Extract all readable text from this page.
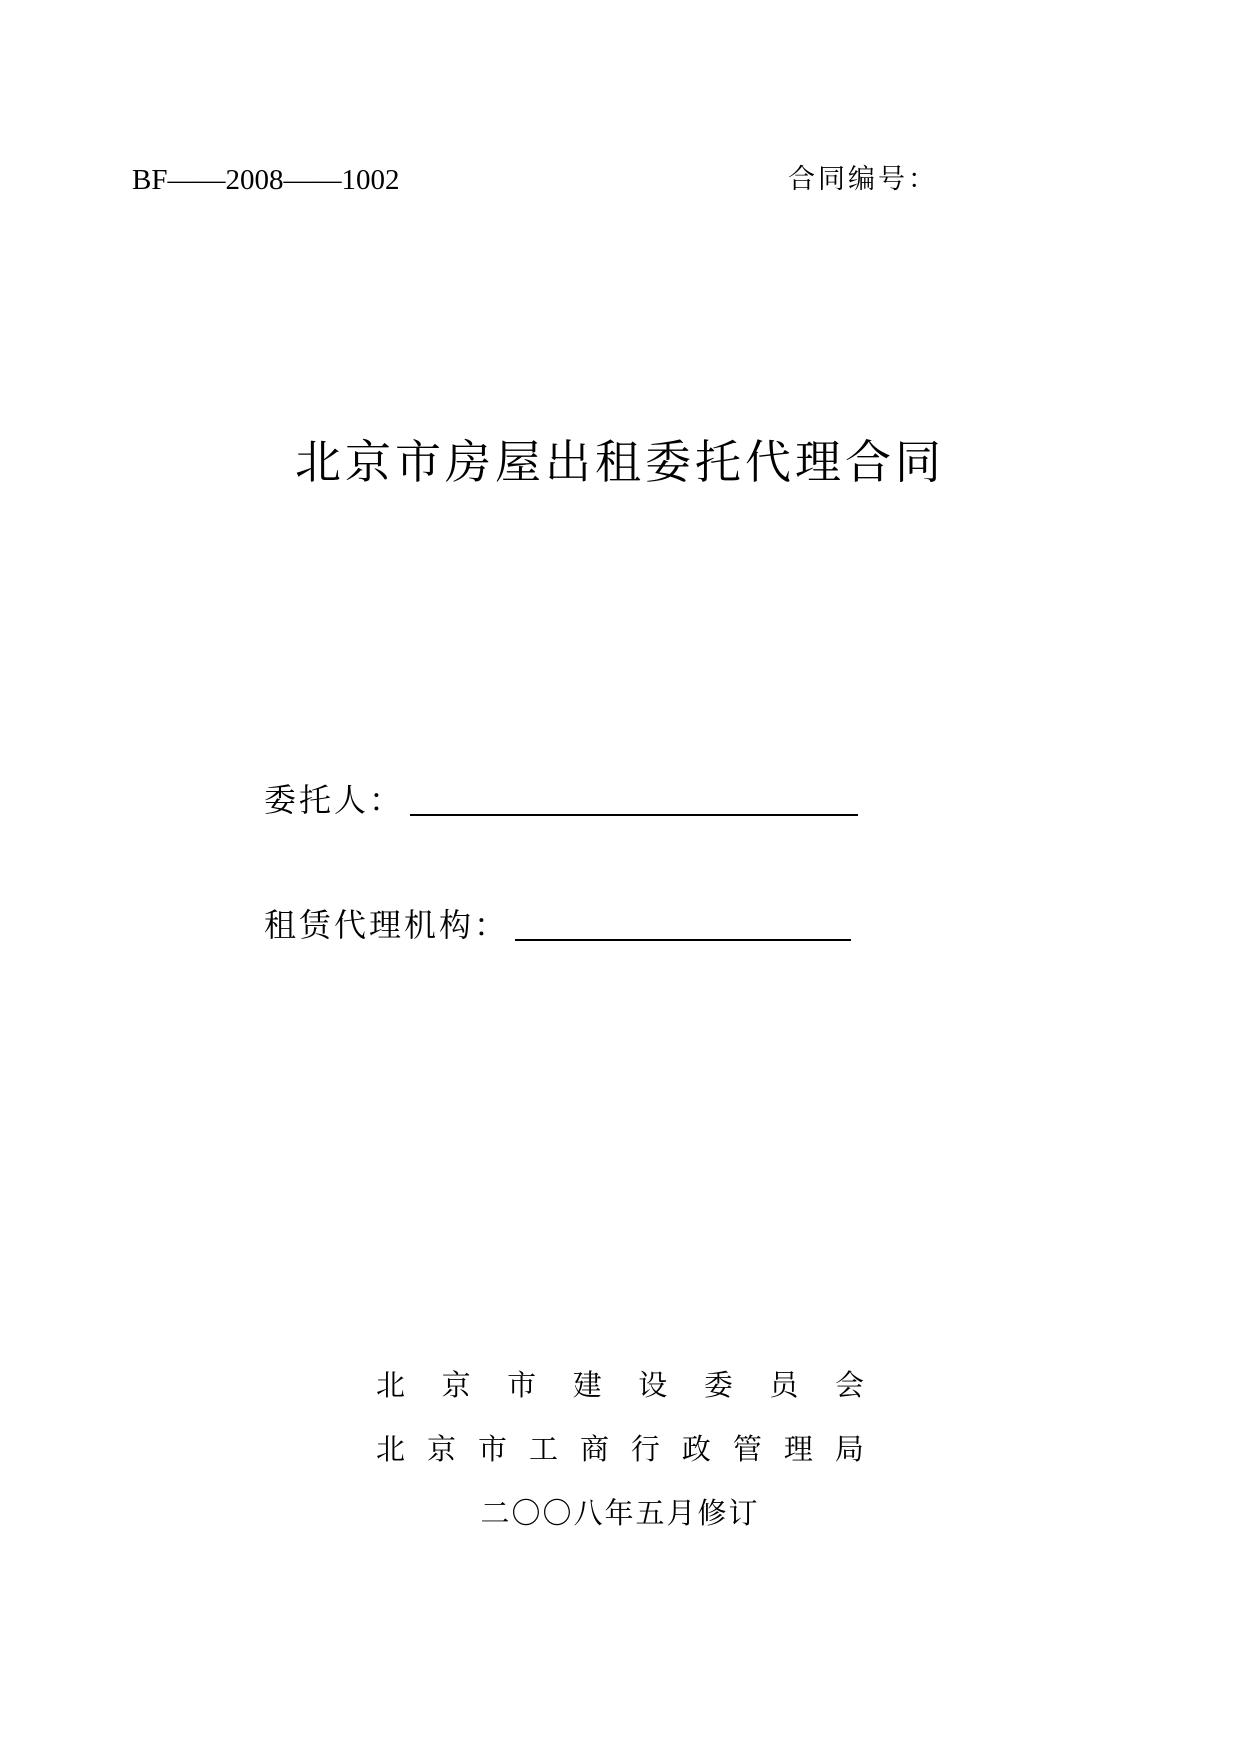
BF——2008——1002	合同编号：
北京市房屋出租委托代理合同
委托人：
租赁代理机构：
北 京 市 建 设 委 员 会
北 京 市 工 商 行 政 管 理 局
二〇〇八年五月修订
